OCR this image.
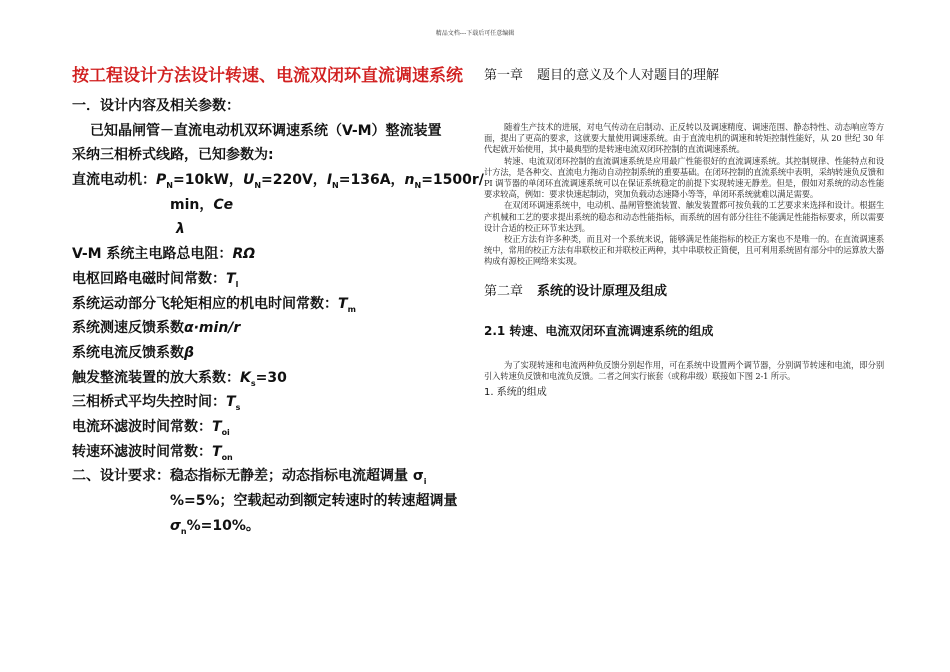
精品文档---下载后可任意编辑
按工程设计方法设计转速、电流双闭环直流调速系统

一．设计内容及相关参数：

已知晶闸管－直流电动机双环调速系统（V-M）整流装置

采纳三相桥式线路，已知参数为:

直流电动机：$P_N=10kW$，$U_N=220V$，$I_N=136A$，$n_N=1500r/$

min，Ce

λ

V-M 系统主电路总电阻：RΩ

电枢回路电磁时间常数：$T_l$

系统运动部分飞轮矩相应的机电时间常数：$T_m$

系统测速反馈系数α·min/r

系统电流反馈系数β

触发整流装置的放大系数：$K_s=30$

三相桥式平均失控时间：$T_s$

电流环滤波时间常数：$T_{oi}$

转速环滤波时间常数：$T_{on}$

二、设计要求：稳态指标无静差；动态指标电流超调量 $\sigma_i$

%=5%；空载起动到额定转速时的转速超调量

$\sigma_n\%=10\%$。

第一章 题目的意义及个人对题目的理解

随着生产技术的进展，对电气传动在启制动、正反转以及调速精度、调速范围、静态特性、动态响应等方面，提出了更高的要求，这就要大量使用调速系统。由于直流电机的调速和转矩控制性能好，从 20 世纪 30 年代起就开始使用，其中最典型的是转速电流双闭环控制的直流调速系统。

转速、电流双闭环控制的直流调速系统是应用最广性能很好的直流调速系统。其控制规律、性能特点和设计方法，是各种交、直流电力拖动自动控制系统的重要基础。在闭环控制的直流系统中表明，采纳转速负反馈和 PI 调节器的单闭环直流调速系统可以在保证系统稳定的前提下实现转速无静差。但是，假如对系统的动态性能要求较高，例如：要求快速起制动，突加负载动态速降小等等，单闭环系统就难以满足需要。

在双闭环调速系统中，电动机、晶闸管整流装置、触发装置都可按负载的工艺要求来选择和设计。根据生产机械和工艺的要求提出系统的稳态和动态性能指标，而系统的固有部分往往不能满足性能指标要求，所以需要设计合适的校正环节来达到。

校正方法有许多种类，而且对一个系统来说，能够满足性能指标的校正方案也不是唯一的。在直流调速系统中，常用的校正方法有串联校正和并联校正两种，其中串联校正简便，且可利用系统固有部分中的运算放大器构成有源校正网络来实现。

第二章 系统的设计原理及组成

2.1 转速、电流双闭环直流调速系统的组成

为了实现转速和电流两种负反馈分别起作用，可在系统中设置两个调节器，分别调节转速和电流，即分别引入转速负反馈和电流负反馈。二者之间实行嵌套（或称串级）联接如下图 2-1 所示。

1. 系统的组成
